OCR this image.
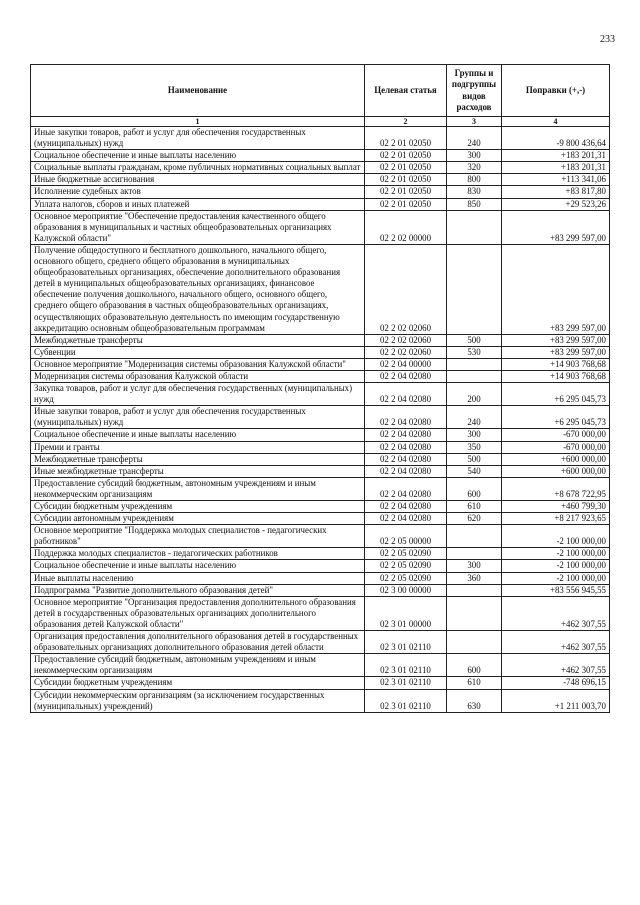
233
Наименование	Целевая статья	Группы и подгруппы видов расходов	Поправки (+,-)
1	2	3	4
Иные закупки товаров, работ и услуг для обеспечения государственных (муниципальных) нужд	02 2 01 02050	240	-9 800 436,64
Социальное обеспечение и иные выплаты населению	02 2 01 02050	300	+183 201,31
Социальные выплаты гражданам, кроме публичных нормативных социальных выплат	02 2 01 02050	320	+183 201,31
Иные бюджетные ассигнования	02 2 01 02050	800	+113 341,06
Исполнение судебных актов	02 2 01 02050	830	+83 817,80
Уплата налогов, сборов и иных платежей	02 2 01 02050	850	+29 523,26
Основное мероприятие "Обеспечение предоставления качественного общего образования в муниципальных и частных общеобразовательных организациях Калужской области"	02 2 02 00000		+83 299 597,00
Получение общедоступного и бесплатного дошкольного, начального общего, основного общего, среднего общего образования в муниципальных общеобразовательных организациях, обеспечение дополнительного образования детей в муниципальных общеобразовательных организациях, финансовое обеспечение получения дошкольного, начального общего, основного общего, среднего общего образования в частных общеобразовательных организациях, осуществляющих образовательную деятельность по имеющим государственную аккредитацию основным общеобразовательным программам	02 2 02 02060		+83 299 597,00
Межбюджетные трансферты	02 2 02 02060	500	+83 299 597,00
Субвенции	02 2 02 02060	530	+83 299 597,00
Основное мероприятие "Модернизация системы образования Калужской области"	02 2 04 00000		+14 903 768,68
Модернизация системы образования Калужской области	02 2 04 02080		+14 903 768,68
Закупка товаров, работ и услуг для обеспечения государственных (муниципальных) нужд	02 2 04 02080	200	+6 295 045,73
Иные закупки товаров, работ и услуг для обеспечения государственных (муниципальных) нужд	02 2 04 02080	240	+6 295 045,73
Социальное обеспечение и иные выплаты населению	02 2 04 02080	300	-670 000,00
Премии и гранты	02 2 04 02080	350	-670 000,00
Межбюджетные трансферты	02 2 04 02080	500	+600 000,00
Иные межбюджетные трансферты	02 2 04 02080	540	+600 000,00
Предоставление субсидий бюджетным, автономным учреждениям и иным некоммерческим организациям	02 2 04 02080	600	+8 678 722,95
Субсидии бюджетным учреждениям	02 2 04 02080	610	+460 799,30
Субсидии автономным учреждениям	02 2 04 02080	620	+8 217 923,65
Основное мероприятие "Поддержка молодых специалистов - педагогических работников"	02 2 05 00000		-2 100 000,00
Поддержка молодых специалистов - педагогических работников	02 2 05 02090		-2 100 000,00
Социальное обеспечение и иные выплаты населению	02 2 05 02090	300	-2 100 000,00
Иные выплаты населению	02 2 05 02090	360	-2 100 000,00
Подпрограмма "Развитие дополнительного образования детей"	02 3 00 00000		+83 556 945,55
Основное мероприятие "Организация предоставления дополнительного образования детей в государственных образовательных организациях дополнительного образования детей Калужской области"	02 3 01 00000		+462 307,55
Организация предоставления дополнительного образования детей в государственных образовательных организациях дополнительного образования детей области	02 3 01 02110		+462 307,55
Предоставление субсидий бюджетным, автономным учреждениям и иным некоммерческим организациям	02 3 01 02110	600	+462 307,55
Субсидии бюджетным учреждениям	02 3 01 02110	610	-748 696,15
Субсидии некоммерческим организациям (за исключением государственных (муниципальных) учреждений)	02 3 01 02110	630	+1 211 003,70
